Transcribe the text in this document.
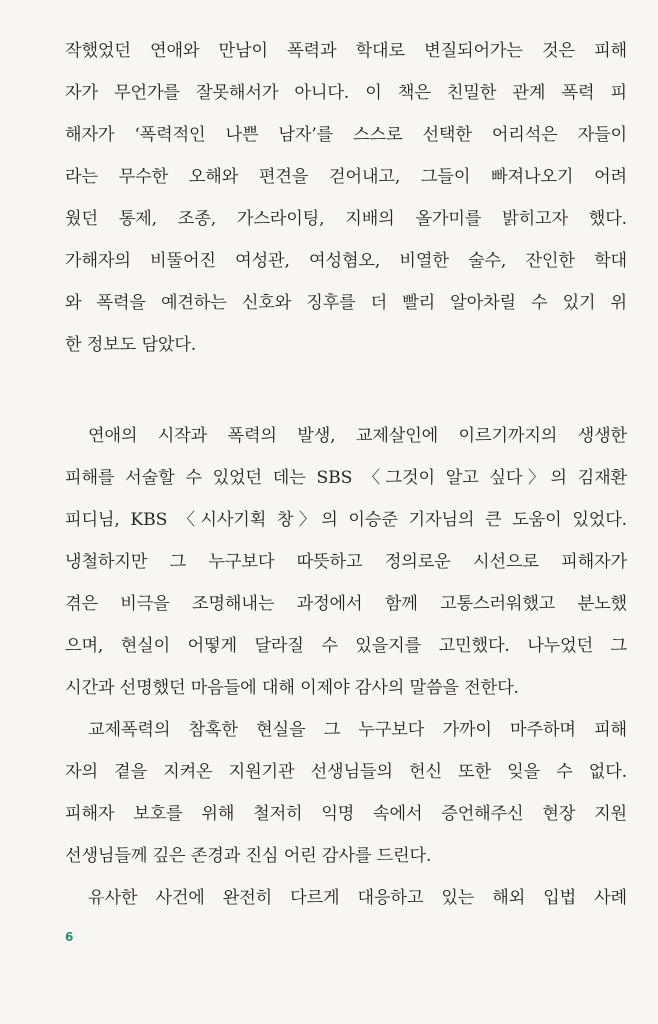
작했었던 연애와 만남이 폭력과 학대로 변질되어가는 것은 피해
자가 무언가를 잘못해서가 아니다. 이 책은 친밀한 관계 폭력 피
해자가 ‘폭력적인 나쁜 남자’를 스스로 선택한 어리석은 자들이
라는 무수한 오해와 편견을 걷어내고, 그들이 빠져나오기 어려
웠던 통제, 조종, 가스라이팅, 지배의 올가미를 밝히고자 했다.
가해자의 비뚤어진 여성관, 여성혐오, 비열한 술수, 잔인한 학대
와 폭력을 예견하는 신호와 징후를 더 빨리 알아차릴 수 있기 위
한 정보도 담았다.
연애의 시작과 폭력의 발생, 교제살인에 이르기까지의 생생한
피해를 서술할 수 있었던 데는 SBS 〈그것이 알고 싶다〉의 김재환
피디님, KBS 〈시사기획 창〉의 이승준 기자님의 큰 도움이 있었다.
냉철하지만 그 누구보다 따뜻하고 정의로운 시선으로 피해자가
겪은 비극을 조명해내는 과정에서 함께 고통스러워했고 분노했
으며, 현실이 어떻게 달라질 수 있을지를 고민했다. 나누었던 그
시간과 선명했던 마음들에 대해 이제야 감사의 말씀을 전한다.
교제폭력의 참혹한 현실을 그 누구보다 가까이 마주하며 피해
자의 곁을 지켜온 지원기관 선생님들의 헌신 또한 잊을 수 없다.
피해자 보호를 위해 철저히 익명 속에서 증언해주신 현장 지원
선생님들께 깊은 존경과 진심 어린 감사를 드린다.
유사한 사건에 완전히 다르게 대응하고 있는 해외 입법 사례
6
